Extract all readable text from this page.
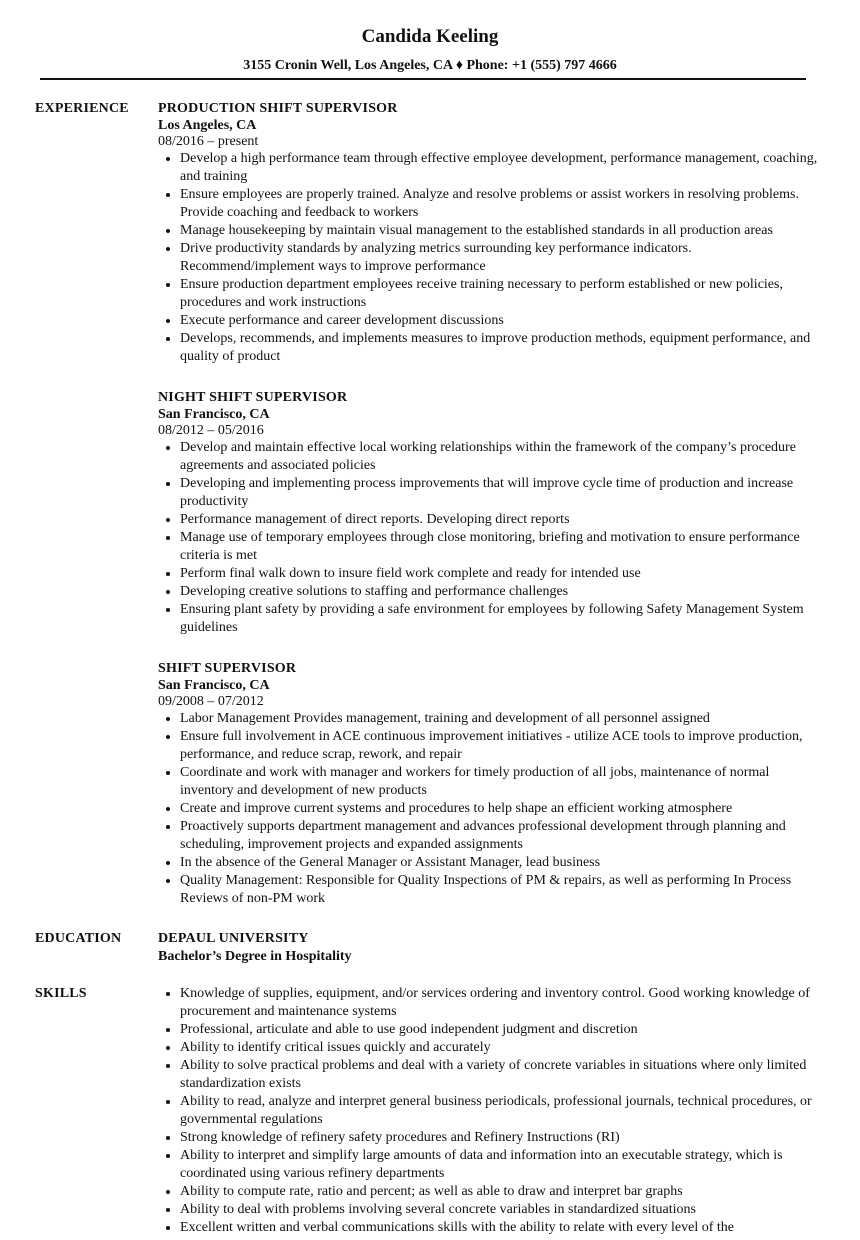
Candida Keeling
3155 Cronin Well, Los Angeles, CA ♦ Phone: +1 (555) 797 4666
EXPERIENCE PRODUCTION SHIFT SUPERVISOR
Los Angeles, CA
08/2016 – present
• Develop a high performance team through effective employee development, performance management, coaching, and training
• Ensure employees are properly trained. Analyze and resolve problems or assist workers in resolving problems. Provide coaching and feedback to workers
• Manage housekeeping by maintain visual management to the established standards in all production areas
• Drive productivity standards by analyzing metrics surrounding key performance indicators. Recommend/implement ways to improve performance
• Ensure production department employees receive training necessary to perform established or new policies, procedures and work instructions
• Execute performance and career development discussions
• Develops, recommends, and implements measures to improve production methods, equipment performance, and quality of product
NIGHT SHIFT SUPERVISOR
San Francisco, CA
08/2012 – 05/2016
• Develop and maintain effective local working relationships within the framework of the company’s procedure agreements and associated policies
• Developing and implementing process improvements that will improve cycle time of production and increase productivity
• Performance management of direct reports. Developing direct reports
• Manage use of temporary employees through close monitoring, briefing and motivation to ensure performance criteria is met
• Perform final walk down to insure field work complete and ready for intended use
• Developing creative solutions to staffing and performance challenges
• Ensuring plant safety by providing a safe environment for employees by following Safety Management System guidelines
SHIFT SUPERVISOR
San Francisco, CA
09/2008 – 07/2012
• Labor Management Provides management, training and development of all personnel assigned
• Ensure full involvement in ACE continuous improvement initiatives - utilize ACE tools to improve production, performance, and reduce scrap, rework, and repair
• Coordinate and work with manager and workers for timely production of all jobs, maintenance of normal inventory and development of new products
• Create and improve current systems and procedures to help shape an efficient working atmosphere
• Proactively supports department management and advances professional development through planning and scheduling, improvement projects and expanded assignments
• In the absence of the General Manager or Assistant Manager, lead business
• Quality Management: Responsible for Quality Inspections of PM & repairs, as well as performing In Process Reviews of non-PM work
EDUCATION	DEPAUL UNIVERSITY
Bachelor’s Degree in Hospitality
SKILLS
•	Knowledge of supplies, equipment, and/or services ordering and inventory control. Good working knowledge of procurement and maintenance systems
• Professional, articulate and able to use good independent judgment and discretion
• Ability to identify critical issues quickly and accurately
• Ability to solve practical problems and deal with a variety of concrete variables in situations where only limited standardization exists
• Ability to read, analyze and interpret general business periodicals, professional journals, technical procedures, or governmental regulations
• Strong knowledge of refinery safety procedures and Refinery Instructions (RI)
• Ability to interpret and simplify large amounts of data and information into an executable strategy, which is coordinated using various refinery departments
• Ability to compute rate, ratio and percent; as well as able to draw and interpret bar graphs
• Ability to deal with problems involving several concrete variables in standardized situations
• Excellent written and verbal communications skills with the ability to relate with every level of the
